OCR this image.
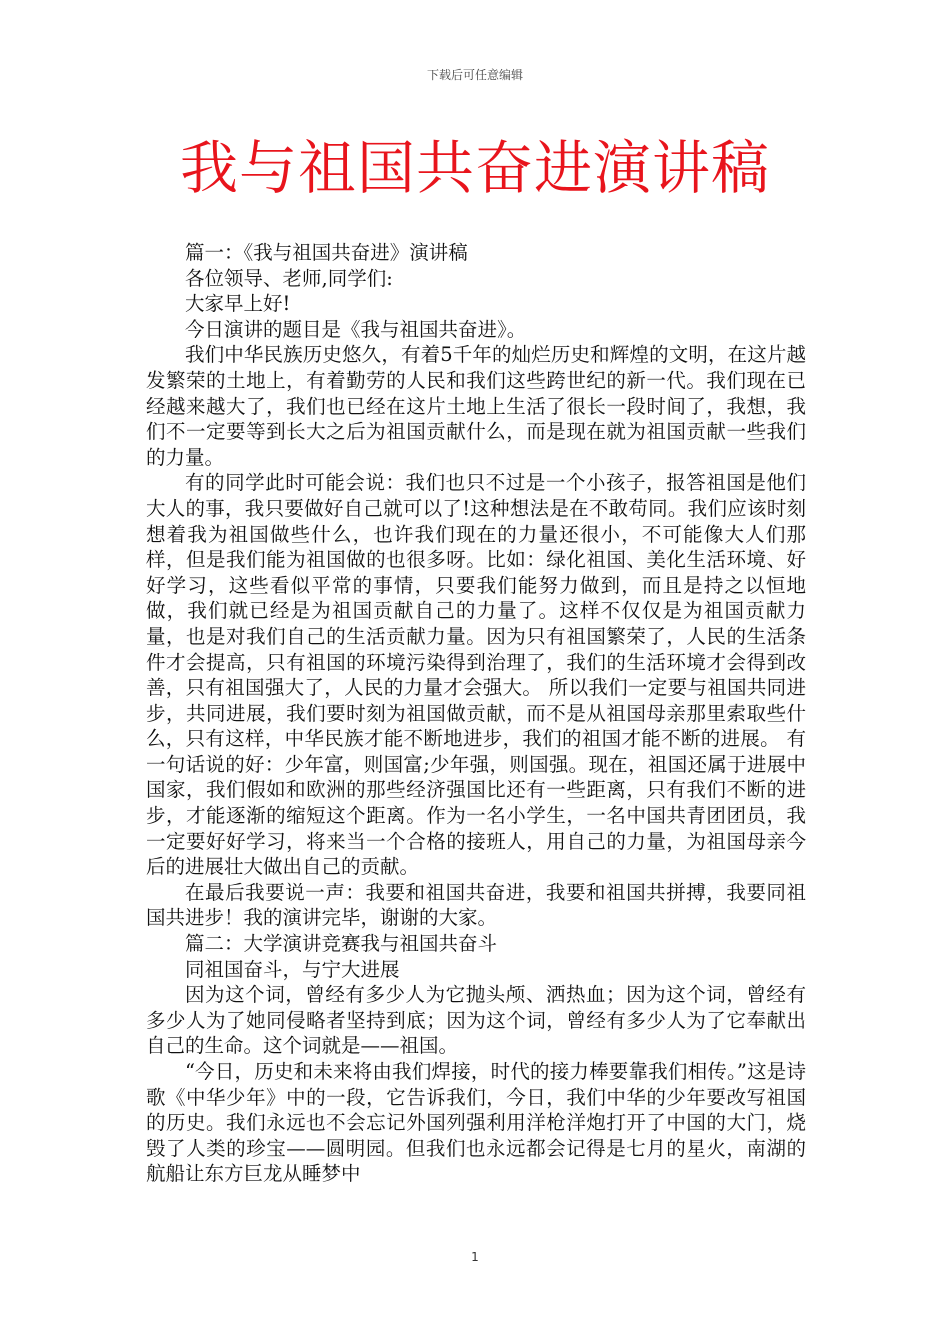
下载后可任意编辑
我与祖国共奋进演讲稿

篇一：《我与祖国共奋进》演讲稿

各位领导、老师,同学们:

大家早上好!

今日演讲的题目是《我与祖国共奋进》。

我们中华民族历史悠久，有着5千年的灿烂历史和辉煌的文明，在这片越发繁荣的土地上，有着勤劳的人民和我们这些跨世纪的新一代。我们现在已经越来越大了，我们也已经在这片土地上生活了很长一段时间了，我想，我们不一定要等到长大之后为祖国贡献什么，而是现在就为祖国贡献一些我们的力量。

有的同学此时可能会说：我们也只不过是一个小孩子，报答祖国是他们大人的事，我只要做好自己就可以了!这种想法是在不敢苟同。我们应该时刻想着我为祖国做些什么，也许我们现在的力量还很小，不可能像大人们那样，但是我们能为祖国做的也很多呀。比如：绿化祖国、美化生活环境、好好学习，这些看似平常的事情，只要我们能努力做到，而且是持之以恒地做，我们就已经是为祖国贡献自己的力量了。这样不仅仅是为祖国贡献力量，也是对我们自己的生活贡献力量。因为只有祖国繁荣了，人民的生活条件才会提高，只有祖国的环境污染得到治理了，我们的生活环境才会得到改善，只有祖国强大了，人民的力量才会强大。 所以我们一定要与祖国共同进步，共同进展，我们要时刻为祖国做贡献，而不是从祖国母亲那里索取些什么，只有这样，中华民族才能不断地进步，我们的祖国才能不断的进展。 有一句话说的好：少年富，则国富;少年强，则国强。现在，祖国还属于进展中国家，我们假如和欧洲的那些经济强国比还有一些距离，只有我们不断的进步，才能逐渐的缩短这个距离。作为一名小学生，一名中国共青团团员，我一定要好好学习，将来当一个合格的接班人，用自己的力量，为祖国母亲今后的进展壮大做出自己的贡献。

在最后我要说一声：我要和祖国共奋进，我要和祖国共拼搏，我要同祖国共进步！我的演讲完毕，谢谢的大家。

篇二：大学演讲竞赛我与祖国共奋斗

同祖国奋斗，与宁大进展

因为这个词，曾经有多少人为它抛头颅、洒热血；因为这个词，曾经有多少人为了她同侵略者坚持到底；因为这个词，曾经有多少人为了它奉献出自己的生命。这个词就是——祖国。

“今日，历史和未来将由我们焊接，时代的接力棒要靠我们相传。”这是诗歌《中华少年》中的一段，它告诉我们，今日，我们中华的少年要改写祖国的历史。我们永远也不会忘记外国列强利用洋枪洋炮打开了中国的大门，烧毁了人类的珍宝——圆明园。但我们也永远都会记得是七月的星火，南湖的航船让东方巨龙从睡梦中

1
